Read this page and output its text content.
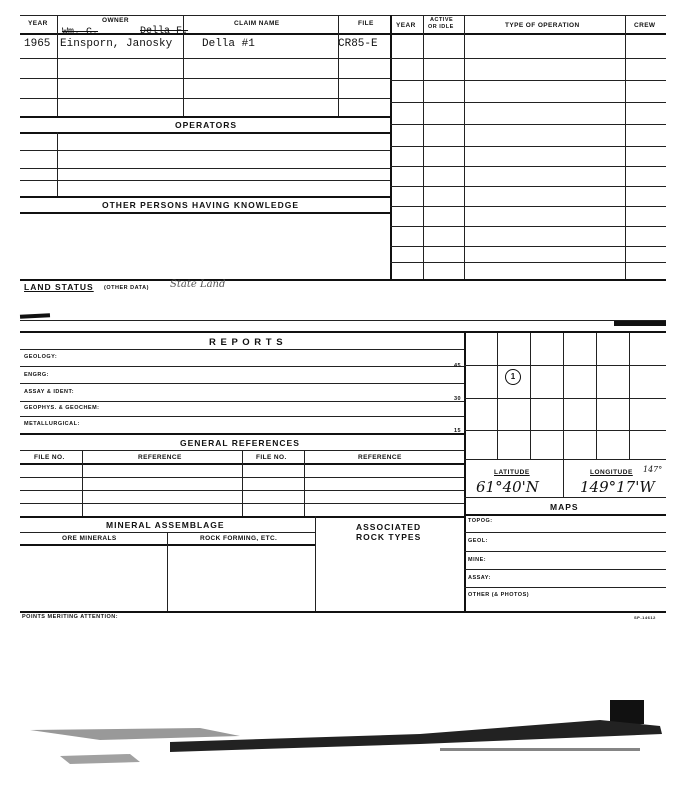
YEAR	OWNER	CLAIM NAME	FILE	YEAR
ACTIVE
OR IDLE	TYPE OF OPERATION	CREW
Wm. C.	Della F.
1965 Einsporn, Janosky	Della #1	CR85-E
OPERATORS
OTHER PERSONS HAVING KNOWLEDGE
LAND STATUS (OTHER DATA) State Land
R E P O R T S
GEOLOGY:
ENGRG:
ASSAY & IDENT:
GEOPHYS. & GEOCHEM:
METALLURGICAL:
45
30
15
GENERAL REFERENCES
FILE NO.	REFERENCE	FILE NO.	REFERENCE
MINERAL ASSEMBLAGE	ASSOCIATED
ROCK TYPES
ORE MINERALS	ROCK FORMING, ETC.
POINTS MERITING ATTENTION:	SP-14612
1
LATITUDE	LONGITUDE 147°
61°40'N	149°17'W
MAPS
TOPOG:
GEOL:
MINE:
ASSAY:
OTHER (& PHOTOS)
